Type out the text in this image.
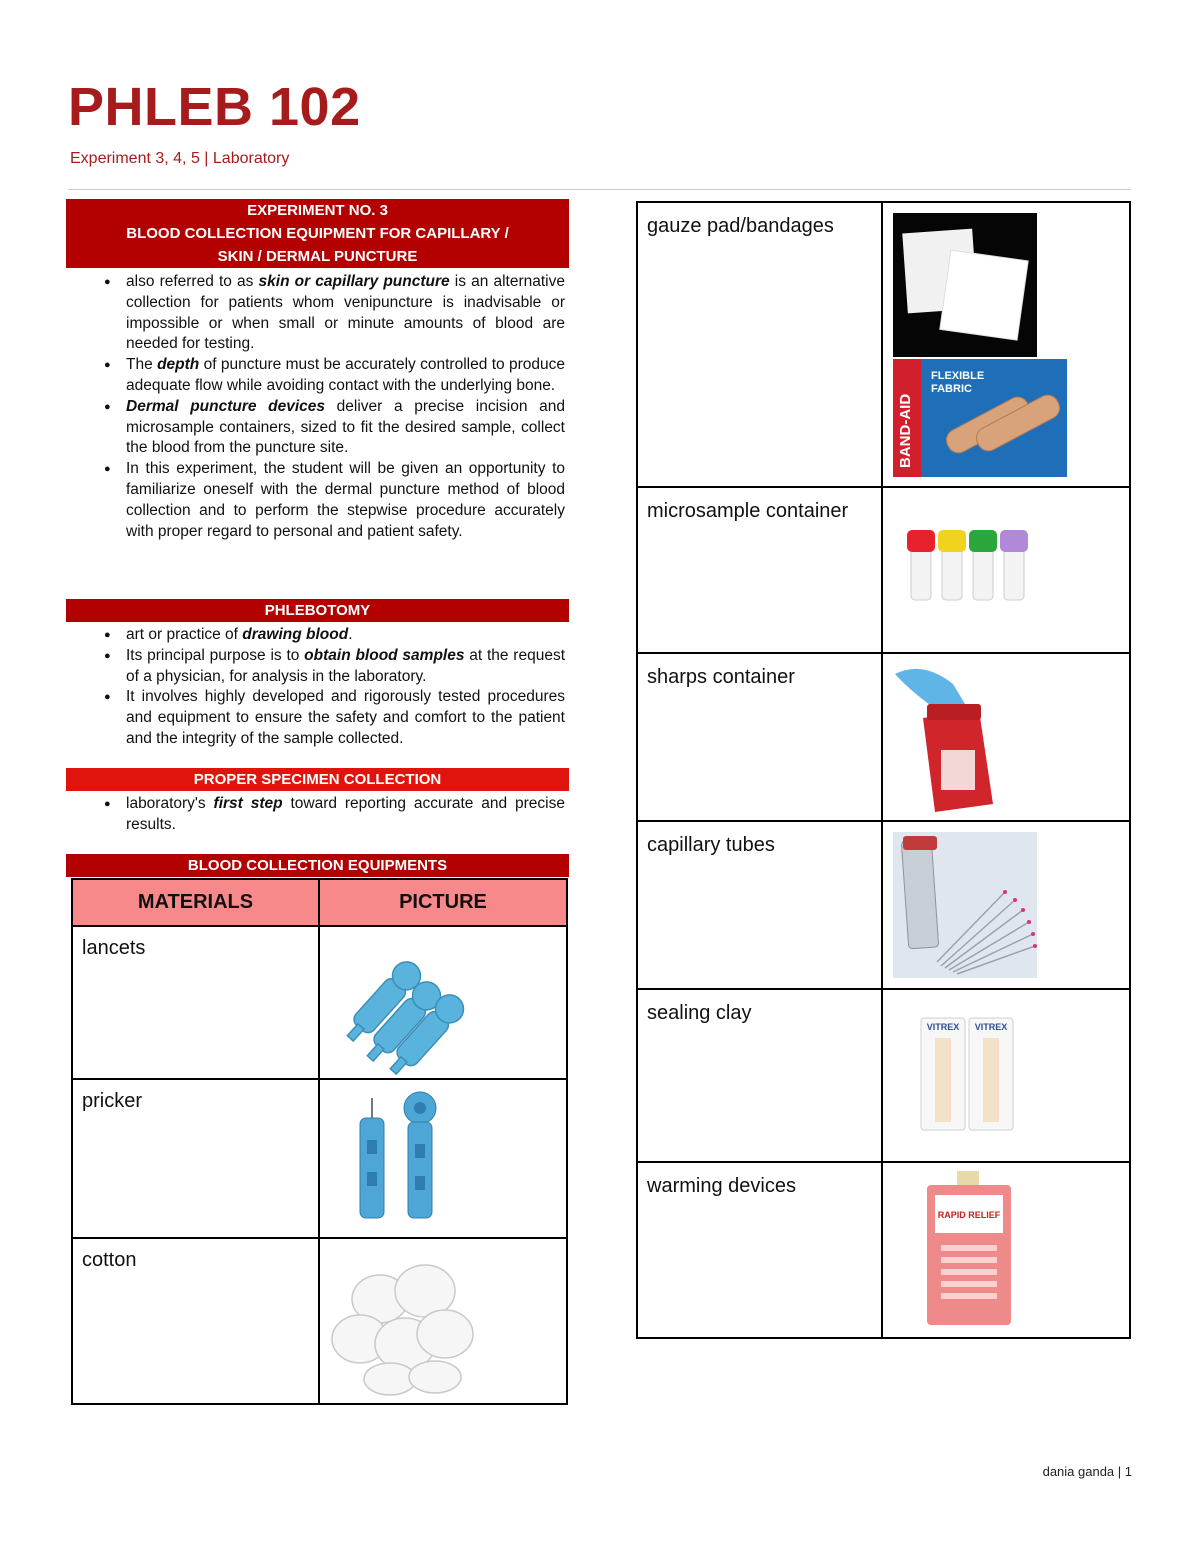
PHLEB 102
Experiment 3, 4, 5 | Laboratory
EXPERIMENT NO. 3
BLOOD COLLECTION EQUIPMENT FOR CAPILLARY /
SKIN / DERMAL PUNCTURE
● also referred to as skin or capillary puncture is an alternative collection for patients whom venipuncture is inadvisable or impossible or when small or minute amounts of blood are needed for testing.
● The depth of puncture must be accurately controlled to produce adequate flow while avoiding contact with the underlying bone.
● Dermal puncture devices deliver a precise incision and microsample containers, sized to fit the desired sample, collect the blood from the puncture site.
● In this experiment, the student will be given an opportunity to familiarize oneself with the dermal puncture method of blood collection and to perform the stepwise procedure accurately with proper regard to personal and patient safety.
PHLEBOTOMY
● art or practice of drawing blood.
● Its principal purpose is to obtain blood samples at the request of a physician, for analysis in the laboratory.
● It involves highly developed and rigorously tested procedures and equipment to ensure the safety and comfort to the patient and the integrity of the sample collected.
PROPER SPECIMEN COLLECTION
● laboratory's first step toward reporting accurate and precise results.
BLOOD COLLECTION EQUIPMENTS
MATERIALS	PICTURE
lancets	

pricker	

cotton	
gauze pad/bandages	BAND-AID
FLEXIBLE
FABRIC

microsample container	

sharps container	

capillary tubes	

sealing clay	VITREX VITREX

warming devices	RAPID RELIEF
dania ganda | 1
